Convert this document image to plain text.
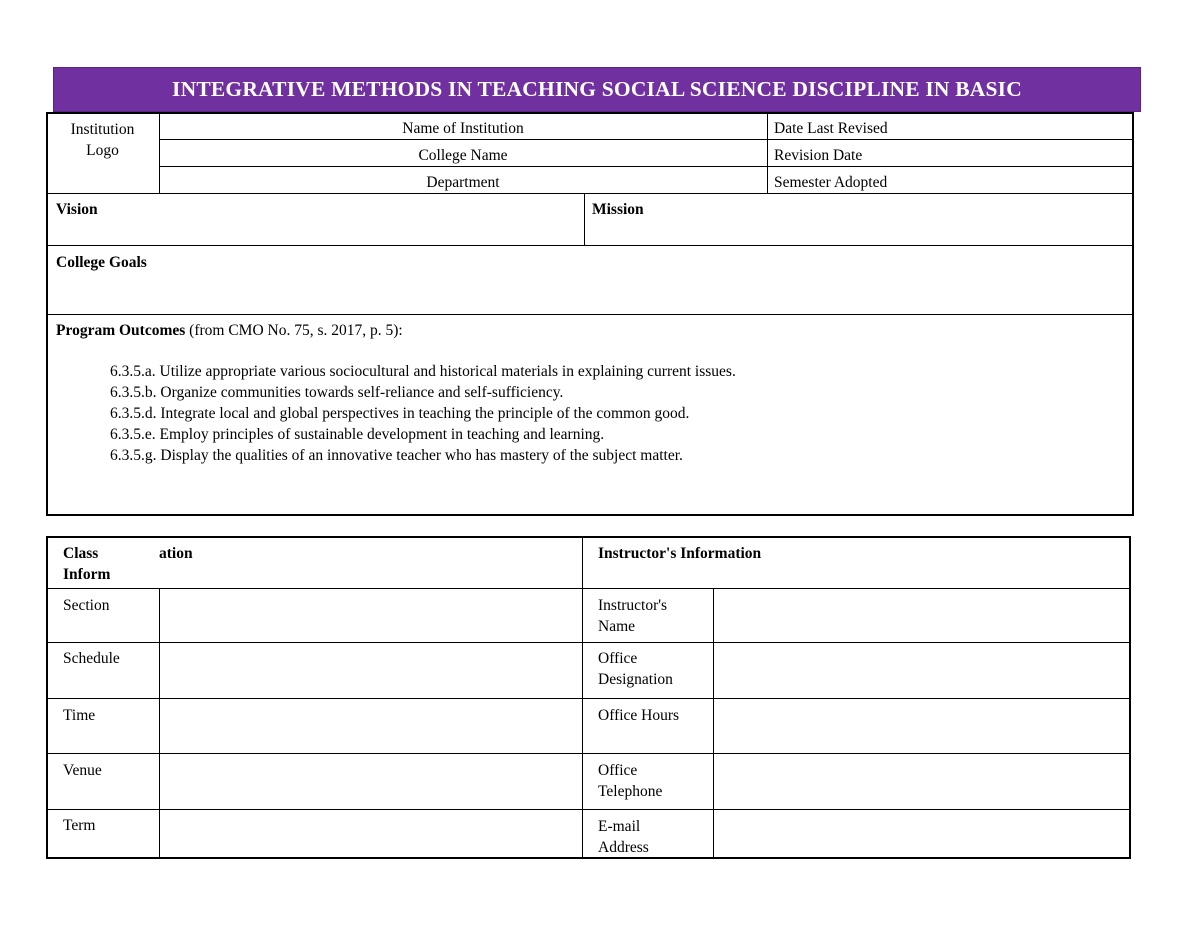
INTEGRATIVE METHODS IN TEACHING SOCIAL SCIENCE DISCIPLINE IN BASIC
Institution
Logo
Name of Institution
College Name
Department
Date Last Revised
Revision Date
Semester Adopted
Vision	Mission
College Goals
Program Outcomes (from CMO No. 75, s. 2017, p. 5):
6.3.5.a. Utilize appropriate various sociocultural and historical materials in explaining current issues.
6.3.5.b. Organize communities towards self-reliance and self-sufficiency.
6.3.5.d. Integrate local and global perspectives in teaching the principle of the common good.
6.3.5.e. Employ principles of sustainable development in teaching and learning.
6.3.5.g. Display the qualities of an innovative teacher who has mastery of the subject matter.
Class
Inform
ation	Instructor's Information
Section
Schedule
Time
Venue
Term
Instructor's
Name
Office
Designation
Office Hours
Office
Telephone
E-mail
Address
